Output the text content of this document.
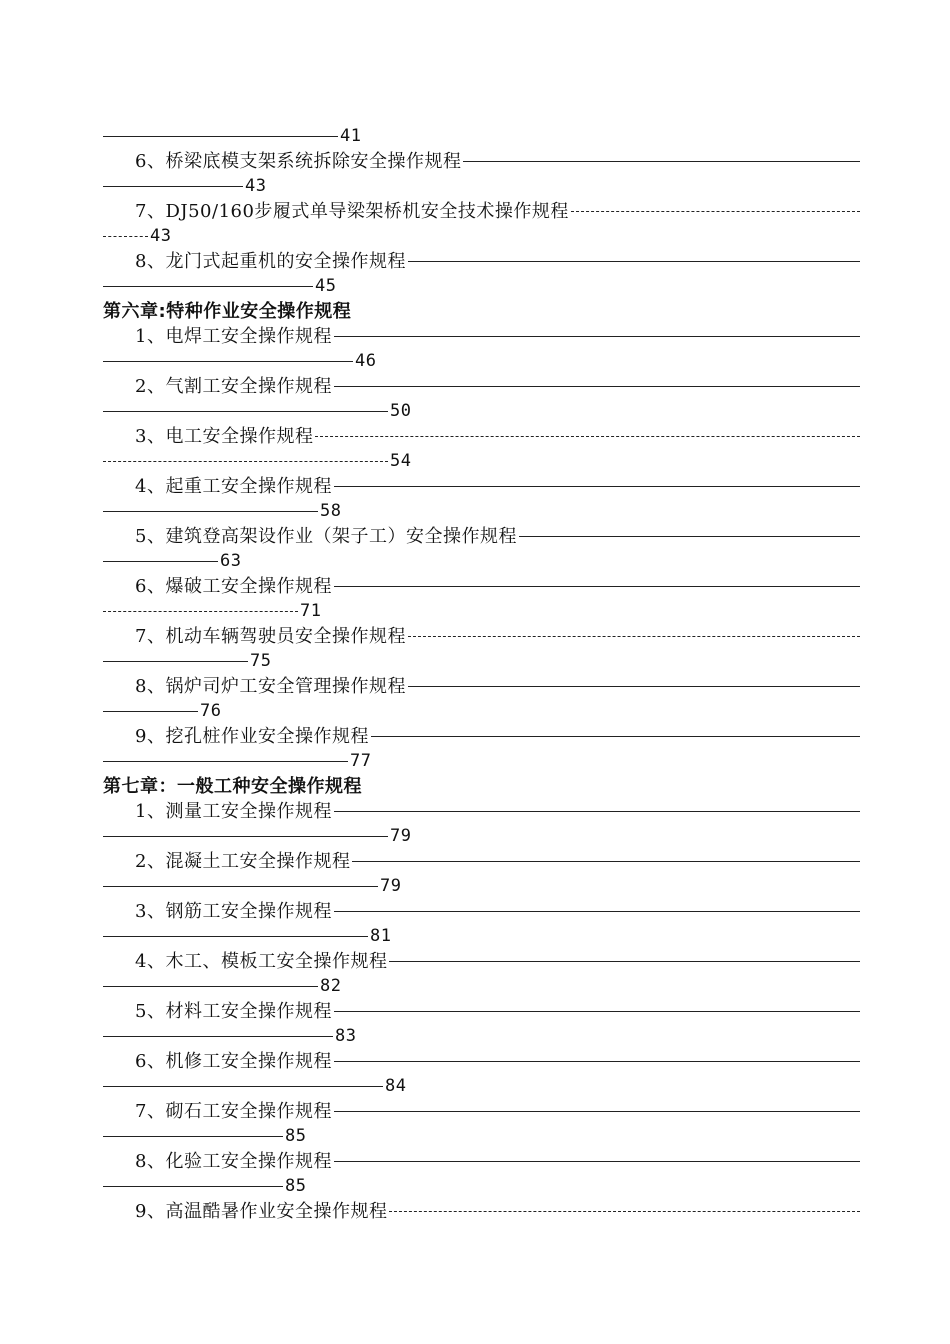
41
6、桥梁底模支架系统拆除安全操作规程
43
7、DJ50/160步履式单导梁架桥机安全技术操作规程
43
8、龙门式起重机的安全操作规程
45
第六章:特种作业安全操作规程
1、电焊工安全操作规程
46
2、气割工安全操作规程
50
3、电工安全操作规程
54
4、起重工安全操作规程
58
5、建筑登高架设作业（架子工）安全操作规程
63
6、爆破工安全操作规程
71
7、机动车辆驾驶员安全操作规程
75
8、锅炉司炉工安全管理操作规程
76
9、挖孔桩作业安全操作规程
77
第七章：一般工种安全操作规程
1、测量工安全操作规程
79
2、混凝土工安全操作规程
79
3、钢筋工安全操作规程
81
4、木工、模板工安全操作规程
82
5、材料工安全操作规程
83
6、机修工安全操作规程
84
7、砌石工安全操作规程
85
8、化验工安全操作规程
85
9、高温酷暑作业安全操作规程
